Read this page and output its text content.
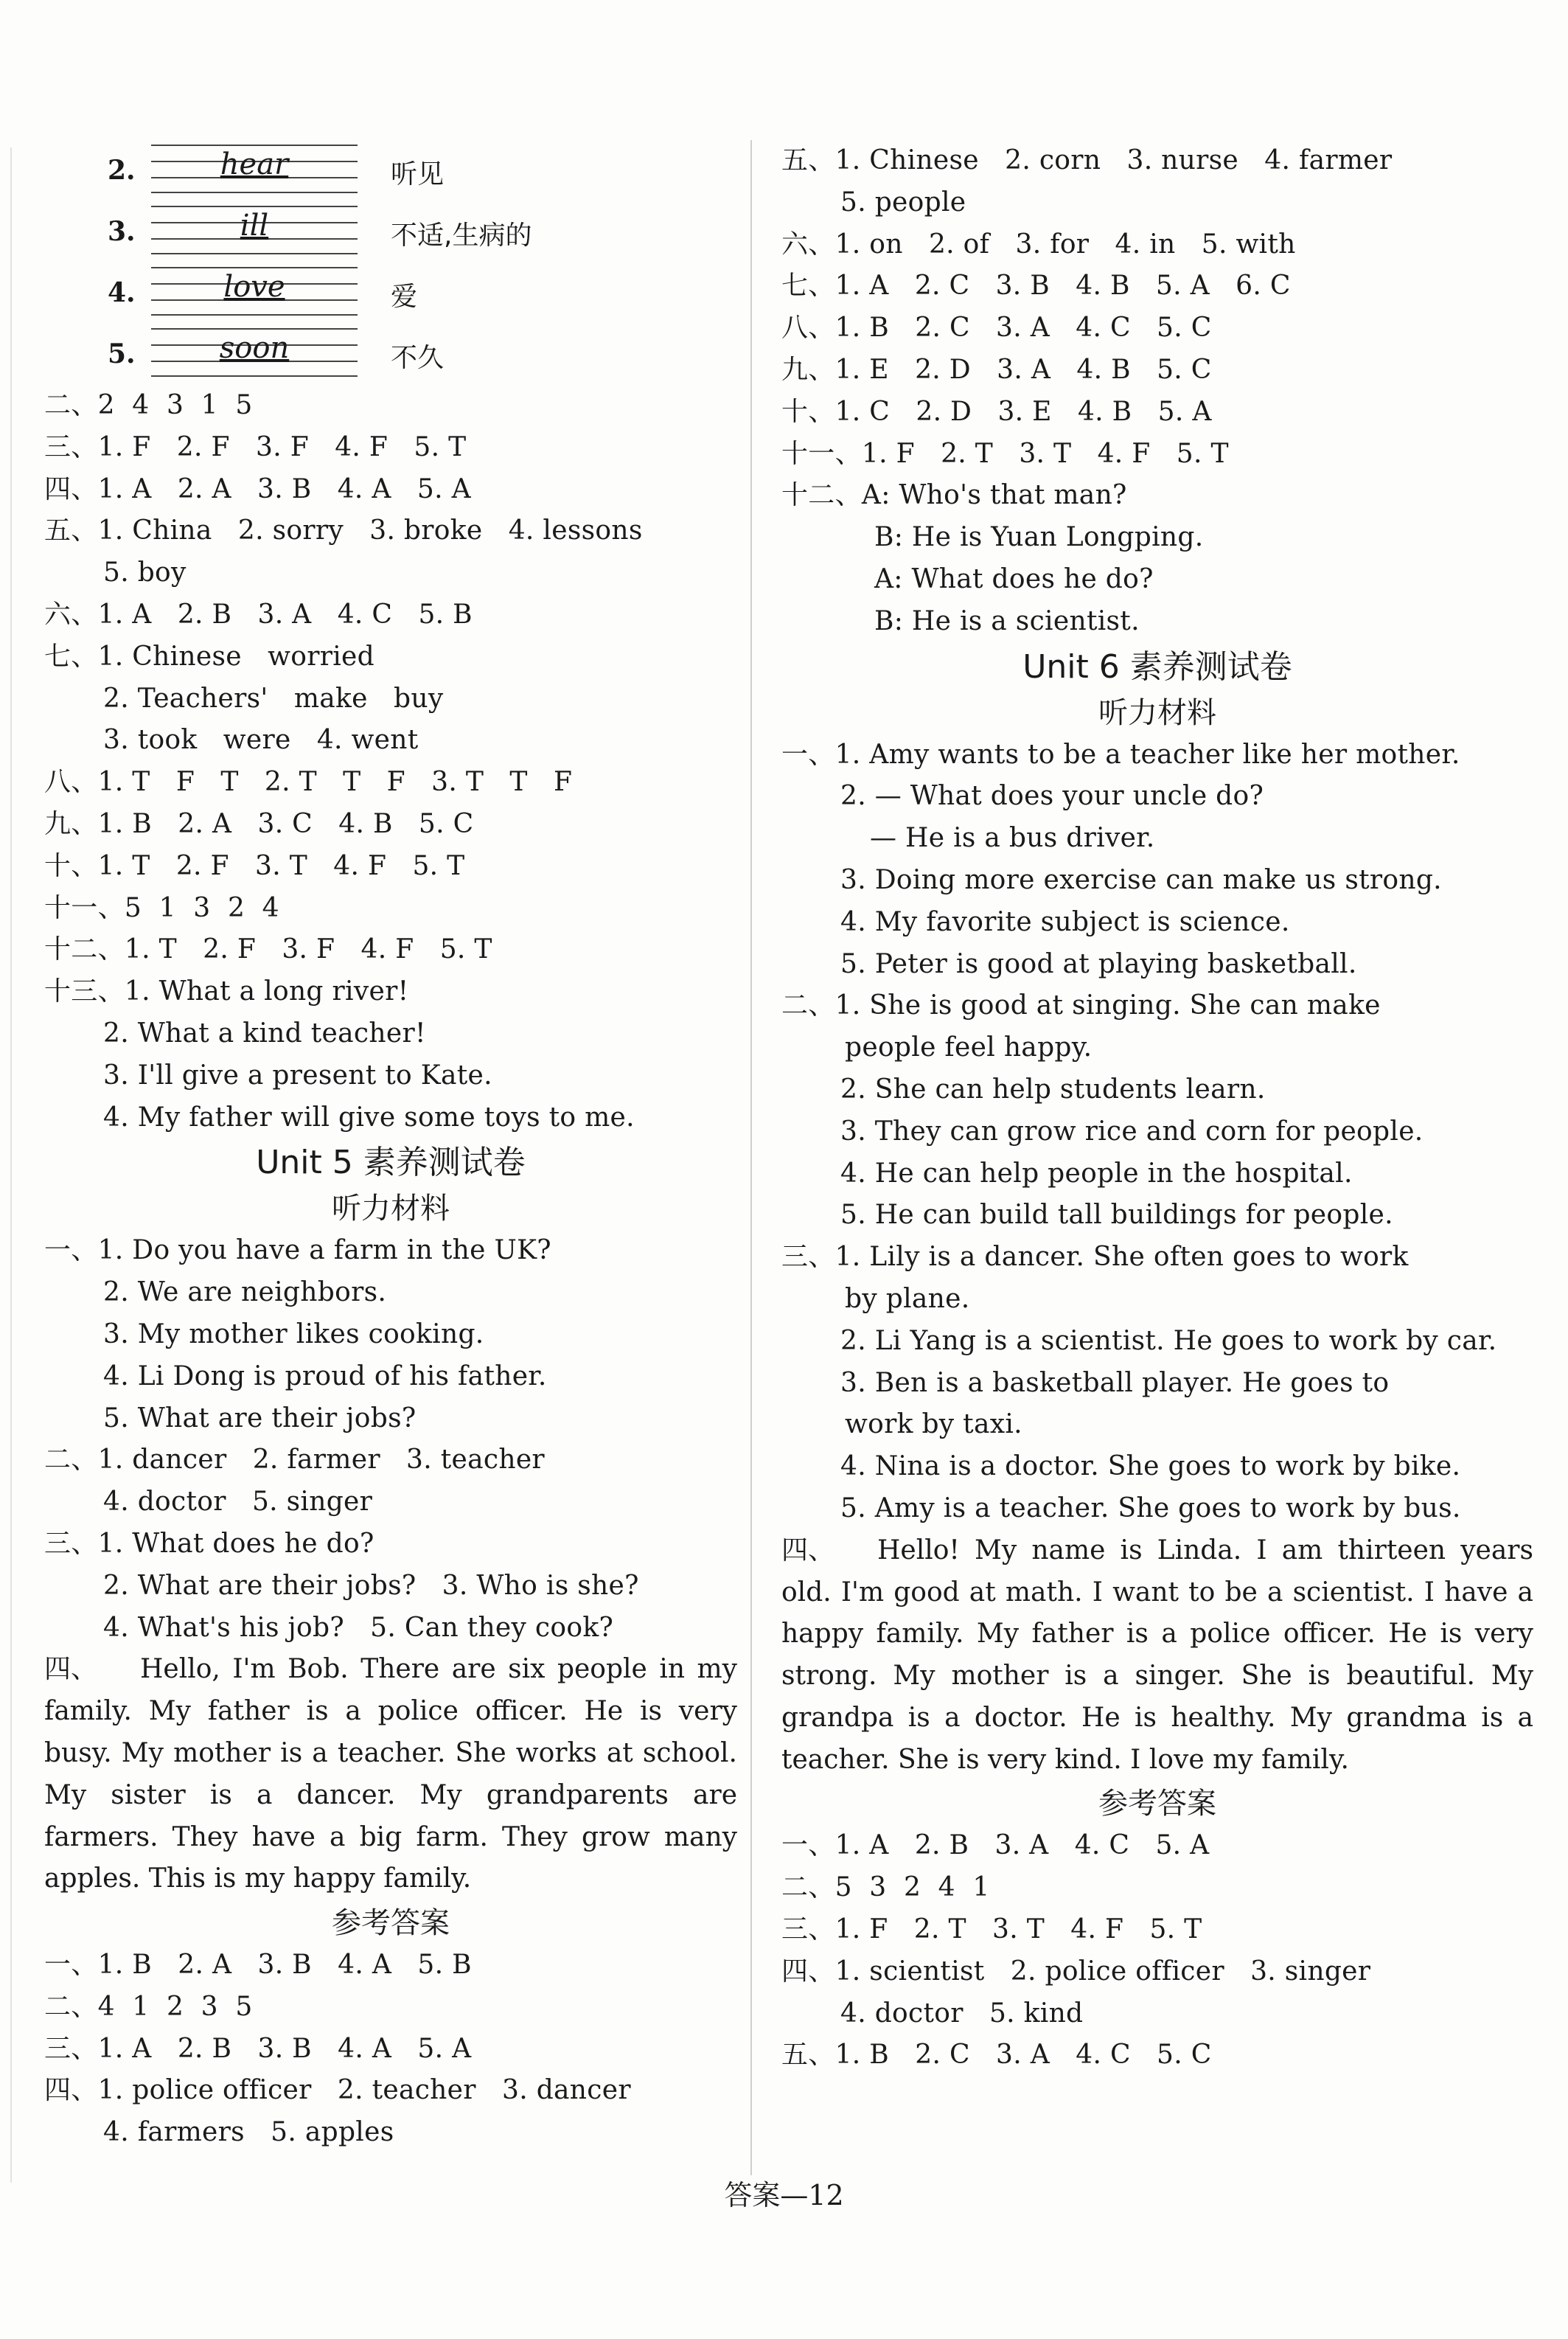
2.	hear	听见
3.	ill	不适,生病的
4.	love	爱
5.	soon	不久
二、2  4  3  1  5
三、1. F   2. F   3. F   4. F   5. T
四、1. A   2. A   3. B   4. A   5. A
五、1. China   2. sorry   3. broke   4. lessons
5. boy
六、1. A   2. B   3. A   4. C   5. B
七、1. Chinese   worried
2. Teachers'   make   buy
3. took   were   4. went
八、1. T   F   T   2. T   T   F   3. T   T   F
九、1. B   2. A   3. C   4. B   5. C
十、1. T   2. F   3. T   4. F   5. T
十一、5  1  3  2  4
十二、1. T   2. F   3. F   4. F   5. T
十三、1. What a long river!
2. What a kind teacher!
3. I'll give a present to Kate.
4. My father will give some toys to me.
Unit 5 素养测试卷
听力材料
一、1. Do you have a farm in the UK?
2. We are neighbors.
3. My mother likes cooking.
4. Li Dong is proud of his father.
5. What are their jobs?
二、1. dancer   2. farmer   3. teacher
4. doctor   5. singer
三、1. What does he do?
2. What are their jobs?   3. Who is she?
4. What's his job?   5. Can they cook?
四、 Hello, I'm Bob. There are six people in my family. My father is a police officer. He is very busy. My mother is a teacher. She works at school. My sister is a dancer. My grandparents are farmers. They have a big farm. They grow many apples. This is my happy family.
参考答案
一、1. B   2. A   3. B   4. A   5. B
二、4  1  2  3  5
三、1. A   2. B   3. B   4. A   5. A
四、1. police officer   2. teacher   3. dancer
4. farmers   5. apples
五、1. Chinese   2. corn   3. nurse   4. farmer
5. people
六、1. on   2. of   3. for   4. in   5. with
七、1. A   2. C   3. B   4. B   5. A   6. C
八、1. B   2. C   3. A   4. C   5. C
九、1. E   2. D   3. A   4. B   5. C
十、1. C   2. D   3. E   4. B   5. A
十一、1. F   2. T   3. T   4. F   5. T
十二、A: Who's that man?
B: He is Yuan Longping.
A: What does he do?
B: He is a scientist.
Unit 6 素养测试卷
听力材料
一、1. Amy wants to be a teacher like her mother.
2. — What does your uncle do?
— He is a bus driver.
3. Doing more exercise can make us strong.
4. My favorite subject is science.
5. Peter is good at playing basketball.
二、1. She is good at singing. She can make
people feel happy.
2. She can help students learn.
3. They can grow rice and corn for people.
4. He can help people in the hospital.
5. He can build tall buildings for people.
三、1. Lily is a dancer. She often goes to work
by plane.
2. Li Yang is a scientist. He goes to work by car.
3. Ben is a basketball player. He goes to
work by taxi.
4. Nina is a doctor. She goes to work by bike.
5. Amy is a teacher. She goes to work by bus.
四、 Hello! My name is Linda. I am thirteen years old. I'm good at math. I want to be a scientist. I have a happy family. My father is a police officer. He is very strong. My mother is a singer. She is beautiful. My grandpa is a doctor. He is healthy. My grandma is a teacher. She is very kind. I love my family.
参考答案
一、1. A   2. B   3. A   4. C   5. A
二、5  3  2  4  1
三、1. F   2. T   3. T   4. F   5. T
四、1. scientist   2. police officer   3. singer
4. doctor   5. kind
五、1. B   2. C   3. A   4. C   5. C
答案—12
